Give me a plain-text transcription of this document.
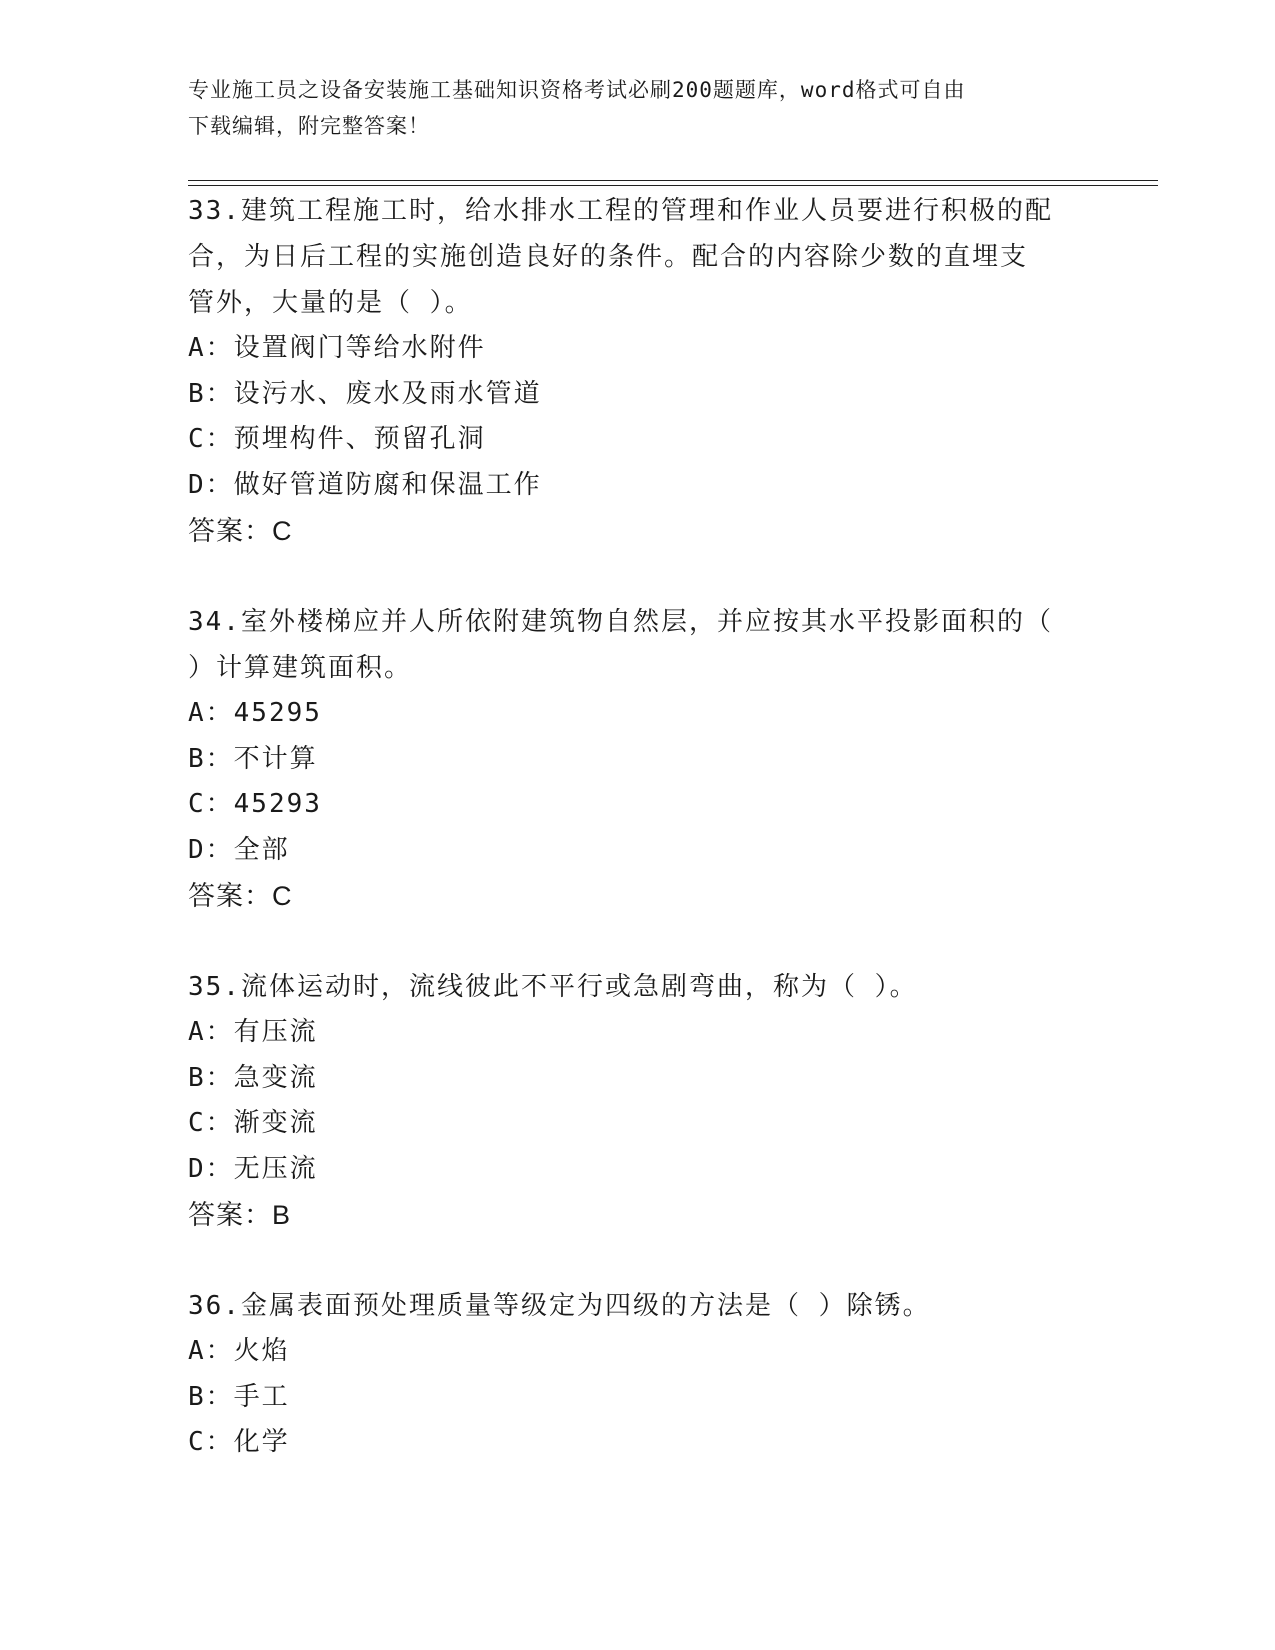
专业施工员之设备安装施工基础知识资格考试必刷200题题库，word格式可自由
下载编辑，附完整答案！
33.建筑工程施工时，给水排水工程的管理和作业人员要进行积极的配
合，为日后工程的实施创造良好的条件。配合的内容除少数的直埋支
管外，大量的是（ ）。
A：设置阀门等给水附件
B：设污水、废水及雨水管道
C：预埋构件、预留孔洞
D：做好管道防腐和保温工作
答案：C
34.室外楼梯应并人所依附建筑物自然层，并应按其水平投影面积的（
）计算建筑面积。
A：45295
B：不计算
C：45293
D：全部
答案：C
35.流体运动时，流线彼此不平行或急剧弯曲，称为（ ）。
A：有压流
B：急变流
C：渐变流
D：无压流
答案：B
36.金属表面预处理质量等级定为四级的方法是（ ）除锈。
A：火焰
B：手工
C：化学
